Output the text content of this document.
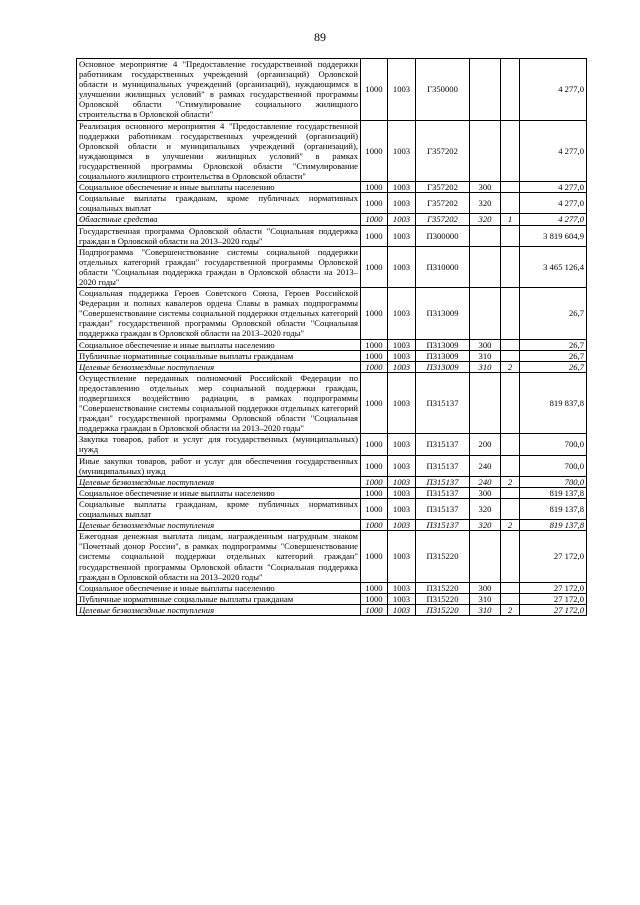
89
Основное мероприятие 4 "Предоставление государственной поддержки работникам государственных учреждений (организаций) Орловской области и муниципальных учреждений (организаций), нуждающимся в улучшении жилищных условий" в рамках государственной программы Орловской области "Стимулирование социального жилищного строительства в Орловской области"	1000	1003	Г350000			4 277,0
Реализация основного мероприятия 4 "Предоставление государственной поддержки работникам государственных учреждений (организаций) Орловской области и муниципальных учреждений (организаций), нуждающимся в улучшении жилищных условий" в рамках государственной программы Орловской области "Стимулирование социального жилищного строительства в Орловской области"	1000	1003	Г357202			4 277,0
Социальное обеспечение и иные выплаты населению	1000	1003	Г357202	300		4 277,0
Социальные выплаты гражданам, кроме публичных нормативных социальных выплат	1000	1003	Г357202	320		4 277,0
Областные средства	1000	1003	Г357202	320	1	4 277,0
Государственная программа Орловской области "Социальная поддержка граждан в Орловской области на 2013–2020 годы"	1000	1003	П300000			3 819 604,9
Подпрограмма "Совершенствование системы социальной поддержки отдельных категорий граждан" государственной программы Орловской области "Социальная поддержка граждан в Орловской области на 2013–2020 годы"	1000	1003	П310000			3 465 126,4
Социальная поддержка Героев Советского Союза, Героев Российской Федерации и полных кавалеров ордена Славы в рамках подпрограммы "Совершенствование системы социальной поддержки отдельных категорий граждан" государственной программы Орловской области "Социальная поддержка граждан в Орловской области на 2013–2020 годы"	1000	1003	П313009			26,7
Социальное обеспечение и иные выплаты населению	1000	1003	П313009	300		26,7
Публичные нормативные социальные выплаты гражданам	1000	1003	П313009	310		26,7
Целевые безвозмездные поступления	1000	1003	П313009	310	2	26,7
Осуществление переданных полномочий Российской Федерации по предоставлению отдельных мер социальной поддержки граждан, подвергшихся воздействию радиации, в рамках подпрограммы "Совершенствование системы социальной поддержки отдельных категорий граждан" государственной программы Орловской области "Социальная поддержка граждан в Орловской области на 2013–2020 годы"	1000	1003	П315137			819 837,8
Закупка товаров, работ и услуг для государственных (муниципальных) нужд	1000	1003	П315137	200		700,0
Иные закупки товаров, работ и услуг для обеспечения государственных (муниципальных) нужд	1000	1003	П315137	240		700,0
Целевые безвозмездные поступления	1000	1003	П315137	240	2	700,0
Социальное обеспечение и иные выплаты населению	1000	1003	П315137	300		819 137,8
Социальные выплаты гражданам, кроме публичных нормативных социальных выплат	1000	1003	П315137	320		819 137,8
Целевые безвозмездные поступления	1000	1003	П315137	320	2	819 137,8
Ежегодная денежная выплата лицам, награжденным нагрудным знаком "Почетный донор России", в рамках подпрограммы "Совершенствование системы социальной поддержки отдельных категорий граждан" государственной программы Орловской области "Социальная поддержка граждан в Орловской области на 2013–2020 годы"	1000	1003	П315220			27 172,0
Социальное обеспечение и иные выплаты населению	1000	1003	П315220	300		27 172,0
Публичные нормативные социальные выплаты гражданам	1000	1003	П315220	310		27 172,0
Целевые безвозмездные поступления	1000	1003	П315220	310	2	27 172,0
